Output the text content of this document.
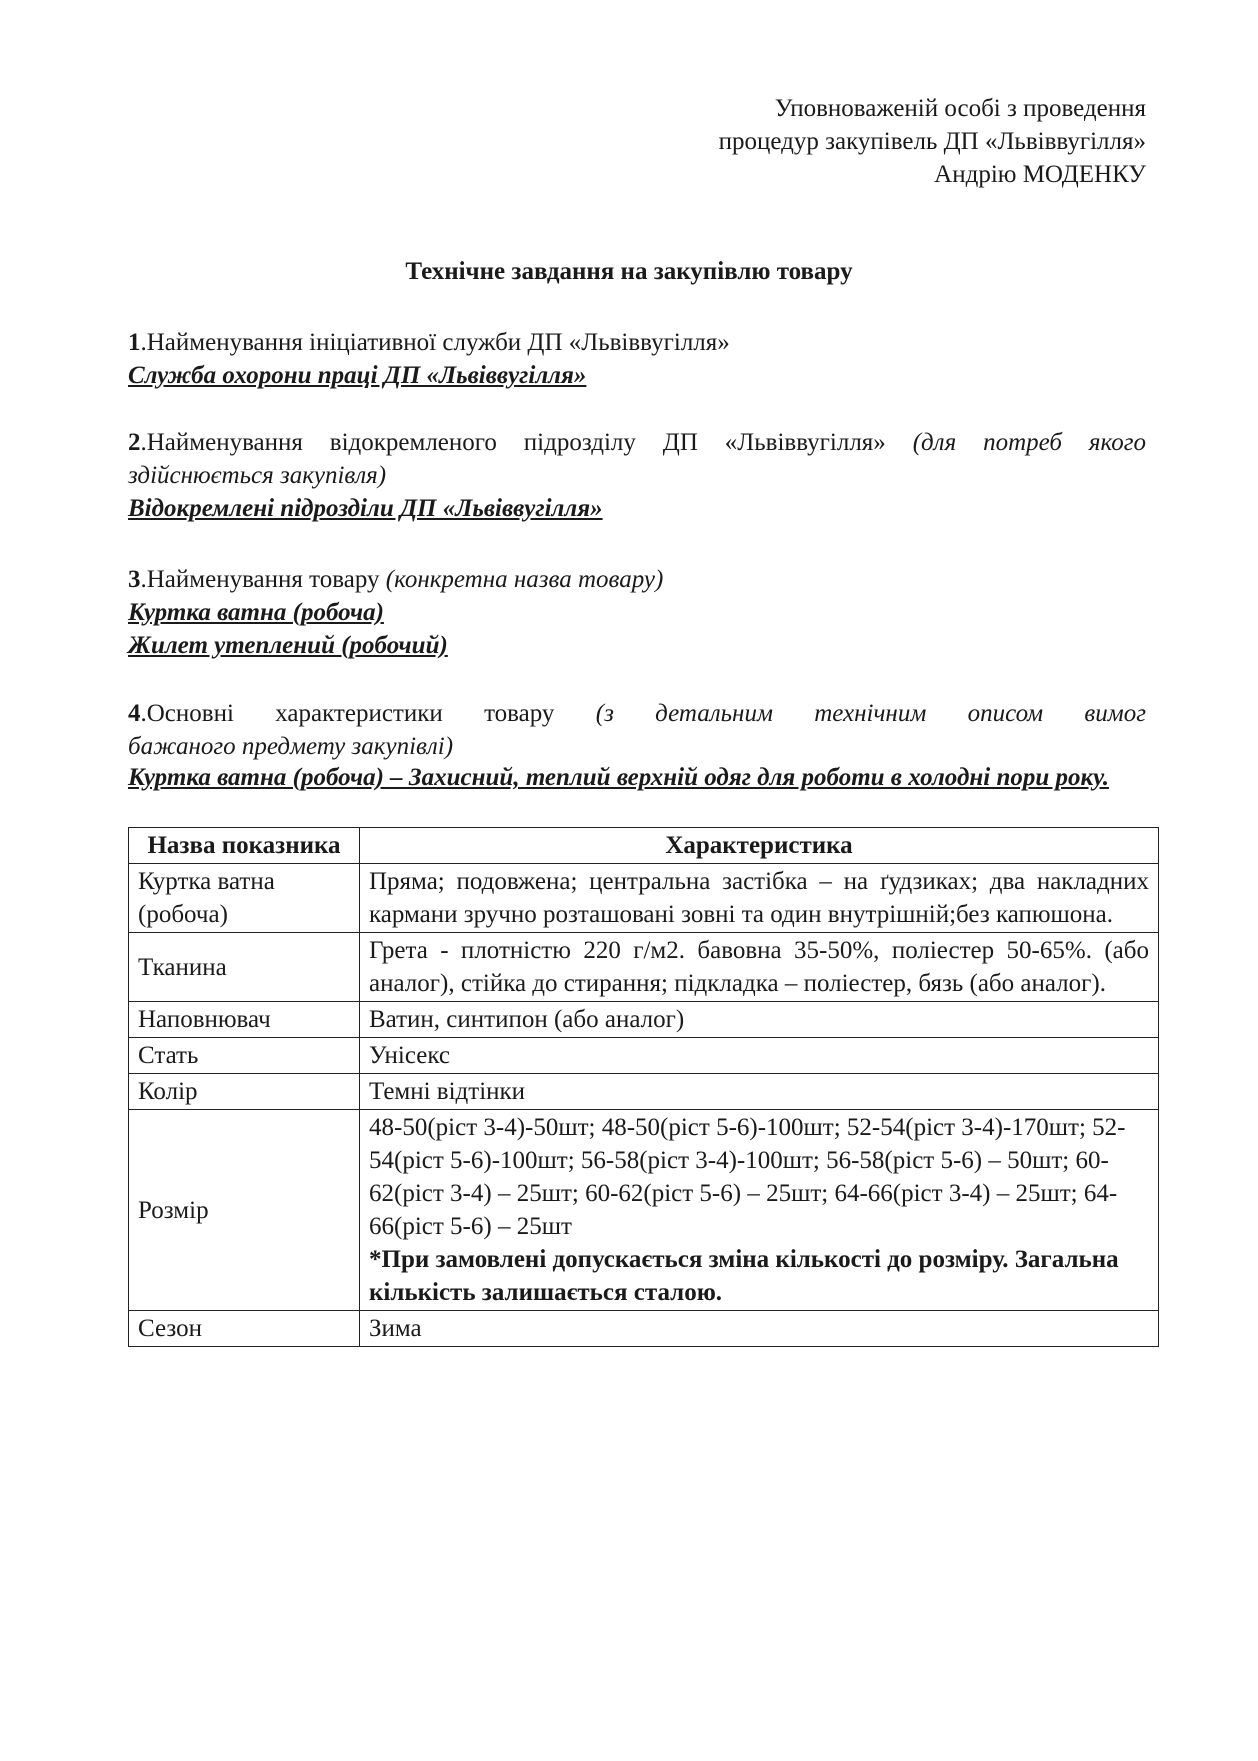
Уповноваженій особі з проведення
процедур закупівель ДП «Львіввугілля»
Андрію МОДЕНКУ
Технічне завдання на закупівлю товару
1.Найменування ініціативної служби ДП «Львіввугілля»
Служба охорони праці ДП «Львіввугілля»
2.Найменування відокремленого підрозділу ДП «Львіввугілля» (для потреб якого здійснюється закупівля)
Відокремлені підрозділи ДП «Львіввугілля»
3.Найменування товару (конкретна назва товару)
Куртка ватна (робоча)
Жилет утеплений (робочий)
4.Основні характеристики товару (з детальним технічним описом вимог
бажаного предмету закупівлі)
Куртка ватна (робоча) – Захисний, теплий верхній одяг для роботи в холодні пори року.
Назва показника	Характеристика
Куртка ватна (робоча)	Пряма; подовжена; центральна застібка – на ґудзиках; два накладних кармани зручно розташовані зовні та один внутрішній;без капюшона.
Тканина	Грета - плотністю 220 г/м2. бавовна 35-50%, поліестер 50-65%. (або аналог), стійка до стирання; підкладка – поліестер, бязь (або аналог).
Наповнювач	Ватин, синтипон (або аналог)
Стать	Унісекс
Колір	Темні відтінки
Розмір	48-50(ріст 3-4)-50шт; 48-50(ріст 5-6)-100шт; 52-54(ріст 3-4)-170шт; 52-54(ріст 5-6)-100шт; 56-58(ріст 3-4)-100шт; 56-58(ріст 5-6) – 50шт; 60-62(ріст 3-4) – 25шт; 60-62(ріст 5-6) – 25шт; 64-66(ріст 3-4) – 25шт; 64-66(ріст 5-6) – 25шт
*При замовлені допускається зміна кількості до розміру. Загальна кількість залишається сталою.

Сезон	Зима
